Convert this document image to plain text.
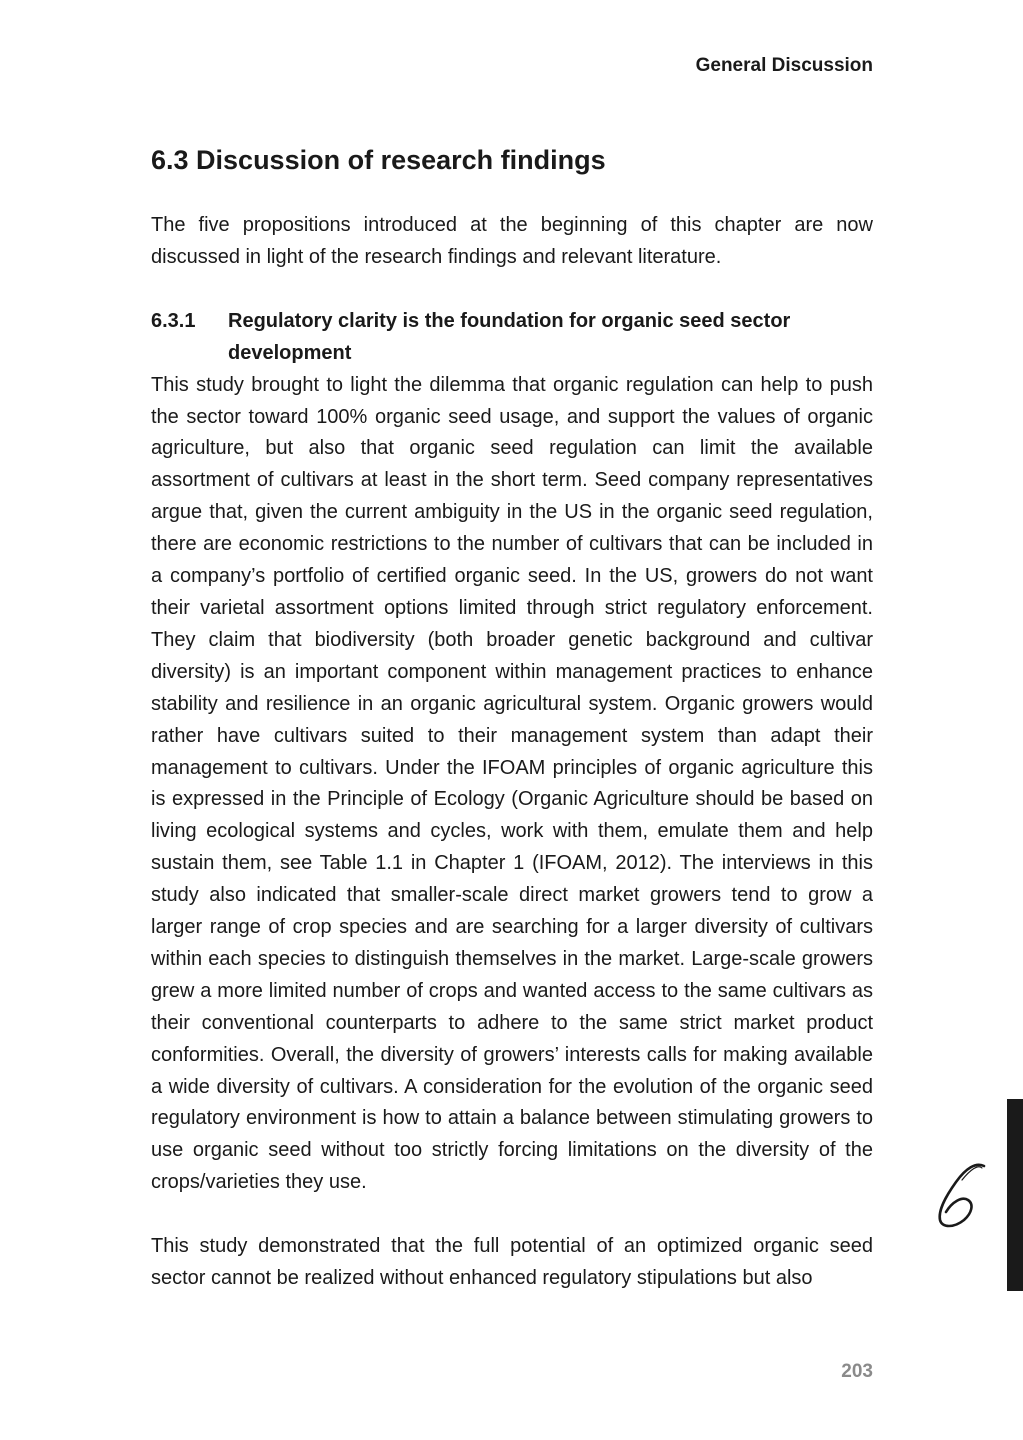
General Discussion
6.3 Discussion of research findings

The five propositions introduced at the beginning of this chapter are now discussed in light of the research findings and relevant literature.

6.3.1	Regulatory clarity is the foundation for organic seed sector development

This study brought to light the dilemma that organic regulation can help to push the sector toward 100% organic seed usage, and support the values of organic agriculture, but also that organic seed regulation can limit the available assortment of cultivars at least in the short term. Seed company representatives argue that, given the current ambiguity in the US in the organic seed regulation, there are economic restrictions to the number of cultivars that can be included in a company’s portfolio of certified organic seed. In the US, growers do not want their varietal assortment options limited through strict regulatory enforcement. They claim that biodiversity (both broader genetic background and cultivar diversity) is an important component within management practices to enhance stability and resilience in an organic agricultural system. Organic growers would rather have cultivars suited to their management system than adapt their management to cultivars. Under the IFOAM principles of organic agriculture this is expressed in the Principle of Ecology (Organic Agriculture should be based on living ecological systems and cycles, work with them, emulate them and help sustain them, see Table 1.1 in Chapter 1 (IFOAM, 2012). The interviews in this study also indicated that smaller-scale direct market growers tend to grow a larger range of crop species and are searching for a larger diversity of cultivars within each species to distinguish themselves in the market. Large-scale growers grew a more limited number of crops and wanted access to the same cultivars as their conventional counterparts to adhere to the same strict market product conformities. Overall, the diversity of growers’ interests calls for making available a wide diversity of cultivars. A consideration for the evolution of the organic seed regulatory environment is how to attain a balance between stimulating growers to use organic seed without too strictly forcing limitations on the diversity of the crops/varieties they use.

This study demonstrated that the full potential of an optimized organic seed sector cannot be realized without enhanced regulatory stipulations but also

203
